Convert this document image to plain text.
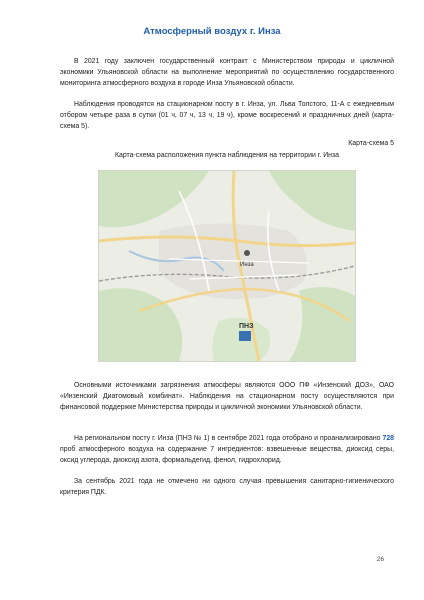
Атмосферный воздух г. Инза
В 2021 году заключен государственный контракт с Министерством природы и цикличной экономики Ульяновской области на выполнение мероприятий по осуществлению государственного мониторинга атмосферного воздуха в городе Инза Ульяновской области.
Наблюдения проводятся на стационарном посту в г. Инза, ул. Льва Толстого, 11-А с ежедневным отбором четыре раза в сутки (01 ч, 07 ч, 13 ч, 19 ч), кроме воскресений и праздничных дней (карта-схема 5).
Карта-схема 5
Карта-схема расположения пункта наблюдения на территории г. Инза
Инза
ПНЗ
Основными источниками загрязнения атмосферы являются ООО ПФ «Инзенский ДОЗ», ОАО «Инзенский Диатомовый комбинат». Наблюдения на стационарном посту осуществляются при финансовой поддержке Министерства природы и цикличной экономики Ульяновской области.
На региональном посту г. Инза (ПНЗ № 1) в сентябре 2021 года отобрано и проанализировано 728 проб атмосферного воздуха на содержание 7 ингредиентов: взвешенные вещества, диоксид серы, оксид углерода, диоксид азота, формальдегид, фенол, гидрохлорид.
За сентябрь 2021 года не отмечено ни одного случая превышения санитарно-гигиенического критерия ПДК.
26
